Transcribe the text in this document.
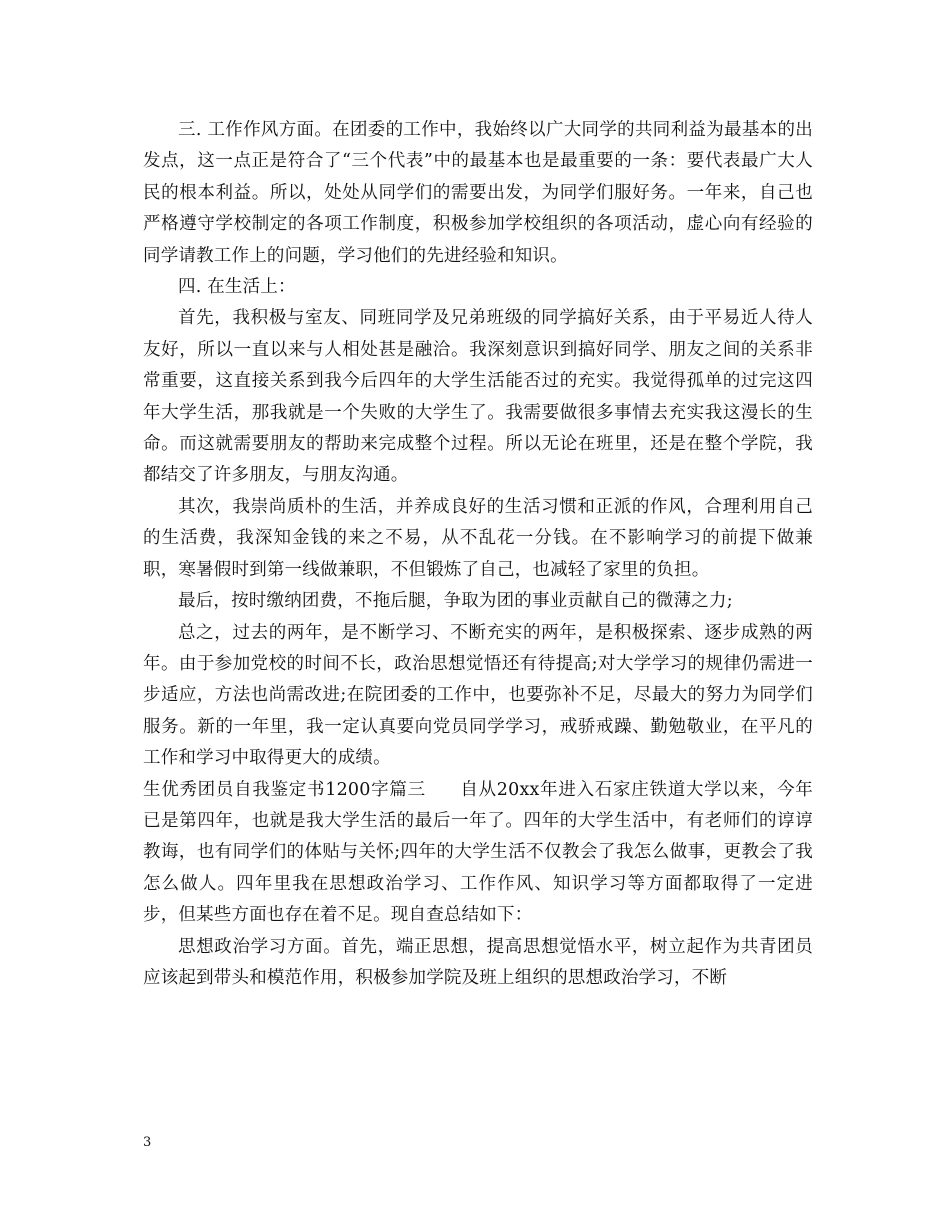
三. 工作作风方面。在团委的工作中，我始终以广大同学的共同利益为最基本的出发点，这一点正是符合了“三个代表”中的最基本也是最重要的一条：要代表最广大人民的根本利益。所以，处处从同学们的需要出发，为同学们服好务。一年来，自己也严格遵守学校制定的各项工作制度，积极参加学校组织的各项活动，虚心向有经验的同学请教工作上的问题，学习他们的先进经验和知识。

四. 在生活上：

首先，我积极与室友、同班同学及兄弟班级的同学搞好关系，由于平易近人待人友好，所以一直以来与人相处甚是融洽。我深刻意识到搞好同学、朋友之间的关系非常重要，这直接关系到我今后四年的大学生活能否过的充实。我觉得孤单的过完这四年大学生活，那我就是一个失败的大学生了。我需要做很多事情去充实我这漫长的生命。而这就需要朋友的帮助来完成整个过程。所以无论在班里，还是在整个学院，我都结交了许多朋友，与朋友沟通。

其次，我崇尚质朴的生活，并养成良好的生活习惯和正派的作风，合理利用自己的生活费，我深知金钱的来之不易，从不乱花一分钱。在不影响学习的前提下做兼职，寒暑假时到第一线做兼职，不但锻炼了自己，也减轻了家里的负担。

最后，按时缴纳团费，不拖后腿，争取为团的事业贡献自己的微薄之力;

总之，过去的两年，是不断学习、不断充实的两年，是积极探索、逐步成熟的两年。由于参加党校的时间不长，政治思想觉悟还有待提高;对大学学习的规律仍需进一步适应，方法也尚需改进;在院团委的工作中，也要弥补不足，尽最大的努力为同学们服务。新的一年里，我一定认真要向党员同学学习，戒骄戒躁、勤勉敬业，在平凡的工作和学习中取得更大的成绩。

生优秀团员自我鉴定书1200字篇三 自从20xx年进入石家庄铁道大学以来，今年已是第四年，也就是我大学生活的最后一年了。四年的大学生活中，有老师们的谆谆教诲，也有同学们的体贴与关怀;四年的大学生活不仅教会了我怎么做事，更教会了我怎么做人。四年里我在思想政治学习、工作作风、知识学习等方面都取得了一定进步，但某些方面也存在着不足。现自查总结如下：

思想政治学习方面。首先，端正思想，提高思想觉悟水平，树立起作为共青团员应该起到带头和模范作用，积极参加学院及班上组织的思想政治学习，不断

3
